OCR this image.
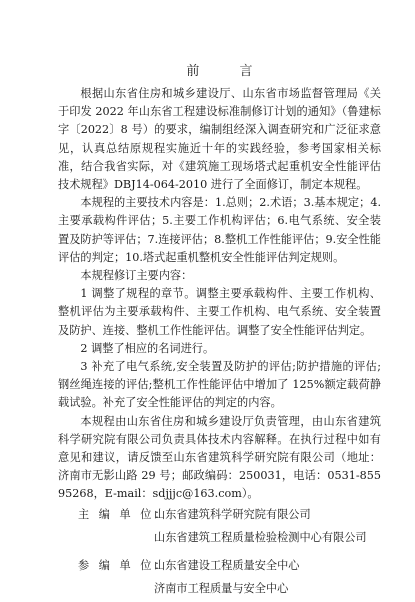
前 言

根据山东省住房和城乡建设厅、山东省市场监督管理局《关于印发 2022 年山东省工程建设标准制修订计划的通知》（鲁建标字〔2022〕8 号）的要求，编制组经深入调查研究和广泛征求意见，认真总结原规程实施近十年的实践经验，参考国家相关标准，结合我省实际，对《建筑施工现场塔式起重机安全性能评估技术规程》DBJ14-064-2010 进行了全面修订，制定本规程。

本规程的主要技术内容是：1.总则；2.术语；3.基本规定；4.主要承载构件评估；5.主要工作机构评估；6.电气系统、安全装置及防护等评估；7.连接评估；8.整机工作性能评估；9.安全性能评估的判定；10.塔式起重机整机安全性能评估判定规则。

本规程修订主要内容：

1 调整了规程的章节。调整主要承载构件、主要工作机构、整机评估为主要承载构件、主要工作机构、电气系统、安全装置及防护、连接、整机工作性能评估。调整了安全性能评估判定。

2 调整了相应的名词进行。

3 补充了电气系统,安全装置及防护的评估;防护措施的评估;钢丝绳连接的评估;整机工作性能评估中增加了 125%额定载荷静载试验。补充了安全性能评估的判定的内容。

本规程由山东省住房和城乡建设厅负责管理，由山东省建筑科学研究院有限公司负责具体技术内容解释。在执行过程中如有意见和建议，请反馈至山东省建筑科学研究院有限公司（地址：济南市无影山路 29 号；邮政编码：250031，电话：0531-85595268，E-mail：sdjjjc@163.com）。

主 编 单 位：
山东省建筑科学研究院有限公司
山东省建筑工程质量检验检测中心有限公司
参 编 单 位：
山东省建设工程质量安全中心
济南市工程质量与安全中心
